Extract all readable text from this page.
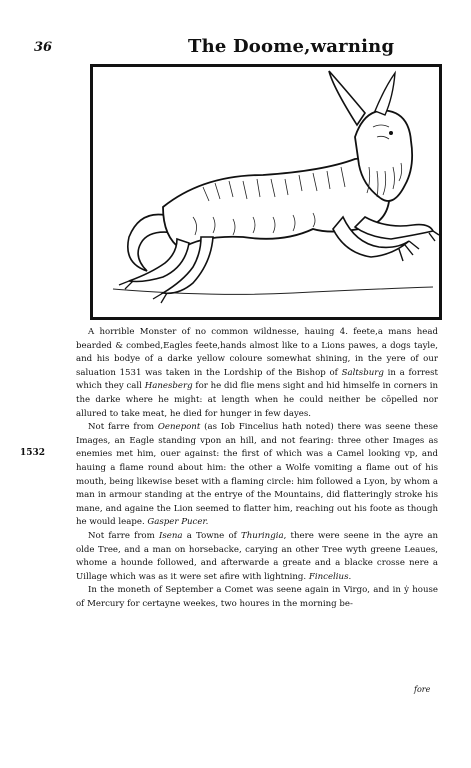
36	The Doome,warning
1532

A horrible Monster of no common wildnesse, hauing 4. feete,a mans head bearded & combed,Eagles feete,hands almost like to a Lions pawes, a dogs tayle, and his bodye of a darke yellow coloure somewhat shining, in the yere of our saluation 1531 was taken in the Lordship of the Bishop of Saltsburg in a forrest which they call Hanesberg for he did flie mens sight and hid himselfe in corners in the darke where he might: at length when he could neither be cōpelled nor allured to take meat, he died for hunger in few dayes.

Not farre from Oenepont (as Iob Fincelius hath noted) there was seene these Images, an Eagle standing vpon an hill, and not fearing: three other Images as enemies met him, ouer against: the first of which was a Camel looking vp, and hauing a flame round about him: the other a Wolfe vomiting a flame out of his mouth, being likewise beset with a flaming circle: him followed a Lyon, by whom a man in armour standing at the entrye of the Mountains, did flatteringly stroke his mane, and againe the Lion seemed to flatter him, reaching out his foote as though he would leape. Gasper Pucer.

Not farre from Isena a Towne of Thuringia, there were seene in the ayre an olde Tree, and a man on horsebacke, carying an other Tree wyth greene Leaues, whome a hounde followed, and afterwarde a greate and a blacke crosse nere a Uillage which was as it were set afire with lightning. Fincelius.

In the moneth of September a Comet was seene again in Virgo, and in ẏ house of Mercury for certayne weekes, two houres in the morning be-

fore
